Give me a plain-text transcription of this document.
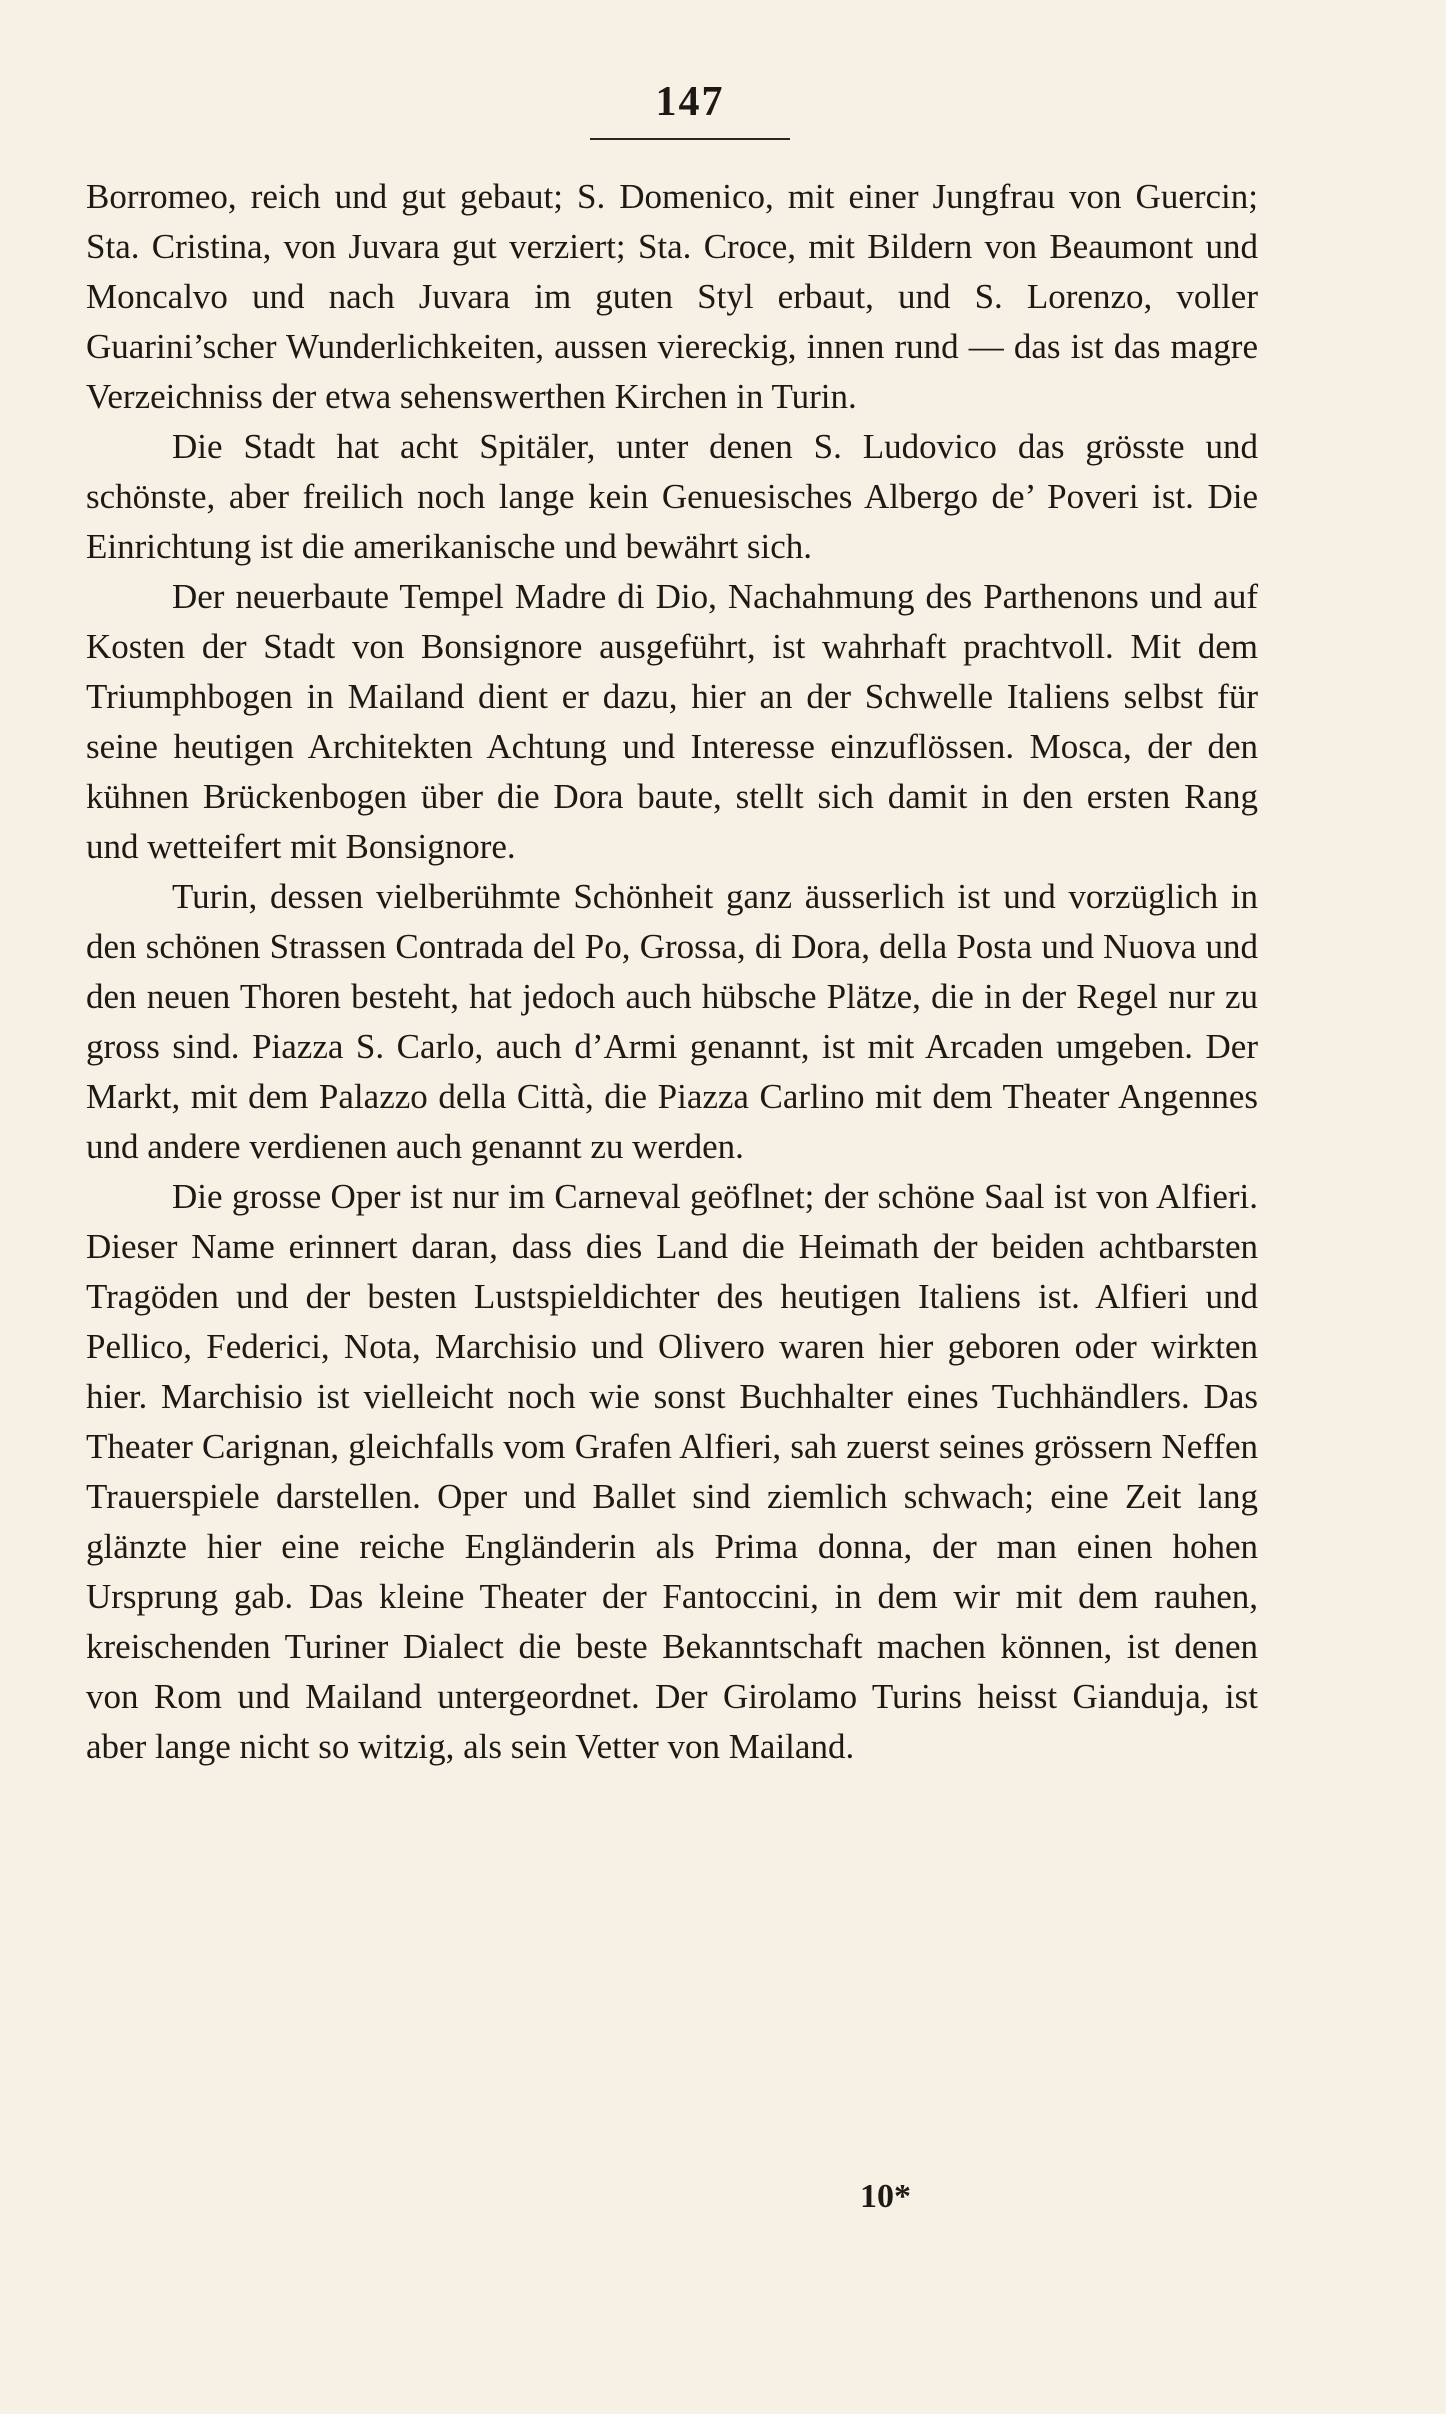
147

Borromeo, reich und gut gebaut; S. Domenico, mit einer Jungfrau von Guercin; Sta. Cristina, von Juvara gut verziert; Sta. Croce, mit Bildern von Beaumont und Moncalvo und nach Juvara im guten Styl erbaut, und S. Lorenzo, voller Guarini’scher Wunderlichkeiten, aussen viereckig, innen rund — das ist das magre Verzeichniss der etwa sehenswerthen Kirchen in Turin.

Die Stadt hat acht Spitäler, unter denen S. Ludovico das grösste und schönste, aber freilich noch lange kein Genuesisches Albergo de’ Poveri ist. Die Einrichtung ist die amerikanische und bewährt sich.

Der neuerbaute Tempel Madre di Dio, Nachahmung des Parthenons und auf Kosten der Stadt von Bonsignore ausgeführt, ist wahrhaft prachtvoll. Mit dem Triumphbogen in Mailand dient er dazu, hier an der Schwelle Italiens selbst für seine heutigen Architekten Achtung und Interesse einzuflössen. Mosca, der den kühnen Brückenbogen über die Dora baute, stellt sich damit in den ersten Rang und wetteifert mit Bonsignore.

Turin, dessen vielberühmte Schönheit ganz äusserlich ist und vorzüglich in den schönen Strassen Contrada del Po, Grossa, di Dora, della Posta und Nuova und den neuen Thoren besteht, hat jedoch auch hübsche Plätze, die in der Regel nur zu gross sind. Piazza S. Carlo, auch d’Armi genannt, ist mit Arcaden umgeben. Der Markt, mit dem Palazzo della Città, die Piazza Carlino mit dem Theater Angennes und andere verdienen auch genannt zu werden.

Die grosse Oper ist nur im Carneval geöflnet; der schöne Saal ist von Alfieri. Dieser Name erinnert daran, dass dies Land die Heimath der beiden achtbarsten Tragöden und der besten Lustspieldichter des heutigen Italiens ist. Alfieri und Pellico, Federici, Nota, Marchisio und Olivero waren hier geboren oder wirkten hier. Marchisio ist vielleicht noch wie sonst Buchhalter eines Tuchhändlers. Das Theater Carignan, gleichfalls vom Grafen Alfieri, sah zuerst seines grössern Neffen Trauerspiele darstellen. Oper und Ballet sind ziemlich schwach; eine Zeit lang glänzte hier eine reiche Engländerin als Prima donna, der man einen hohen Ursprung gab. Das kleine Theater der Fantoccini, in dem wir mit dem rauhen, kreischenden Turiner Dialect die beste Bekanntschaft machen können, ist denen von Rom und Mailand untergeordnet. Der Girolamo Turins heisst Gianduja, ist aber lange nicht so witzig, als sein Vetter von Mailand.

10*
